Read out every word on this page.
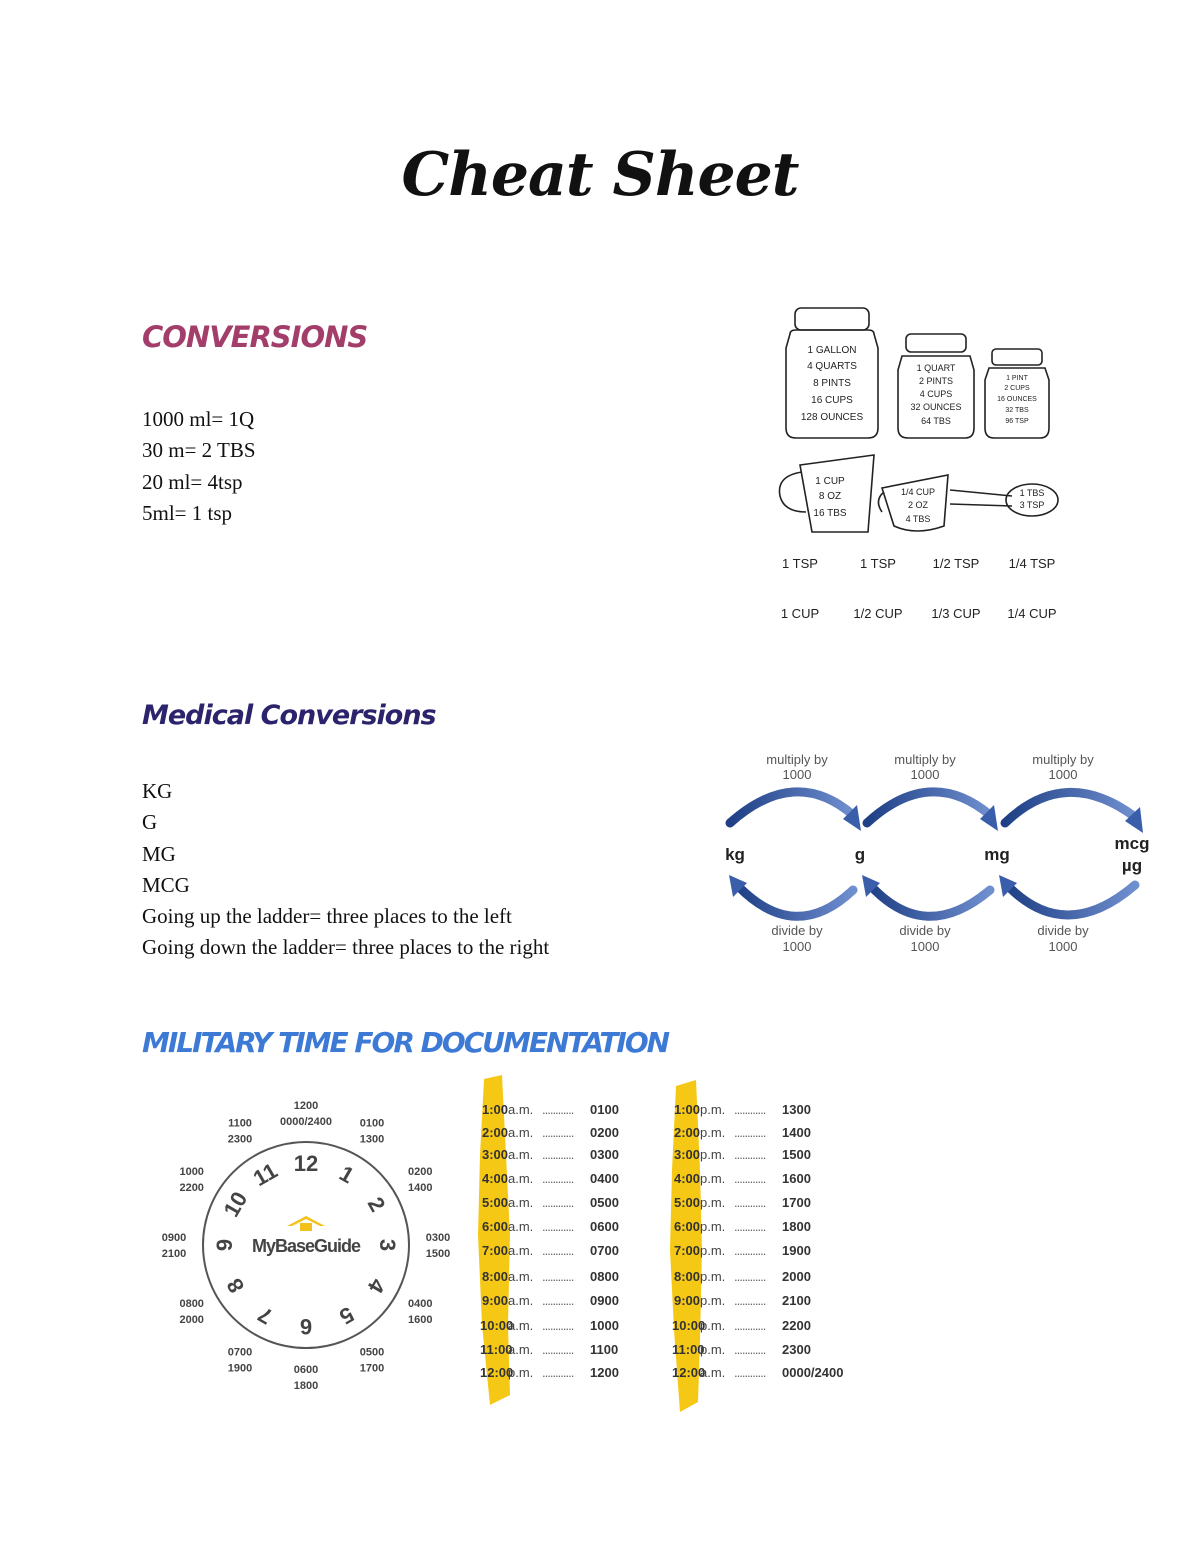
Cheat Sheet
CONVERSIONS
1000 ml= 1Q
30 m= 2 TBS
20 ml= 4tsp
5ml= 1 tsp
1 GALLON
4 QUARTS
8 PINTS
16 CUPS
128 OUNCES
1 QUART
2 PINTS
4 CUPS
32 OUNCES
64 TBS
1 PINT
2 CUPS
16 OUNCES
32 TBS
96 TSP
1 CUP
8 OZ
16 TBS
1/4 CUP
2 OZ
4 TBS
1 TBS
3 TSP
1 TSP	1 TSP	1/2 TSP 1/4 TSP
1 CUP	1/2 CUP 1/3 CUP 1/4 CUP
Medical Conversions
KG
G
MG
MCG
Going up the ladder= three places to the left
Going down the ladder= three places to the right
multiply by
1000
multiply by
1000
multiply by
1000
divide by
1000
divide by
1000
divide by
1000
kg	g	mg
mcg
µg
MILITARY TIME FOR DOCUMENTATION
12 1
2
3
4
5
6
7
8
9
10
11
1200
0000/2400	0100
1300
0200
1400
0300
1500
0400
1600
0500
1700
0600
1800
0700
1900
0800
2000
0900
2100
1000
2200
1100
2300
MyBaseGuide
1:00a.m. ............ 0100
2:00a.m. ............ 0200
3:00a.m. ............ 0300
4:00a.m. ............ 0400
5:00a.m. ............ 0500
6:00a.m. ............ 0600
7:00a.m. ............ 0700
8:00a.m. ............ 0800
9:00a.m. ............ 0900
10:00a.m. ............ 1000
11:00a.m. ............ 1100
12:00p.m. ............ 1200
1:00p.m. ............ 1300
2:00p.m. ............ 1400
3:00p.m. ............ 1500
4:00p.m. ............ 1600
5:00p.m. ............ 1700
6:00p.m. ............ 1800
7:00p.m. ............ 1900
8:00p.m. ............ 2000
9:00p.m. ............ 2100
10:00p.m. ............ 2200
11:00p.m. ............ 2300
12:00a.m. ............ 0000/2400
